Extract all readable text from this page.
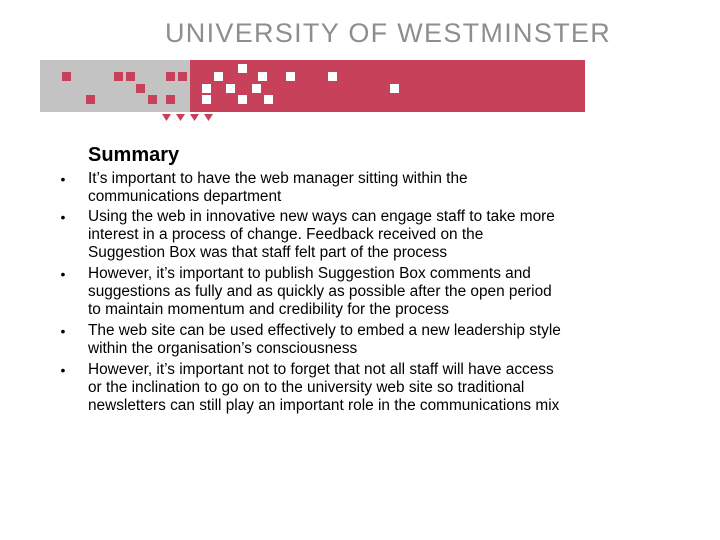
UNIVERSITY OF WESTMINSTER
Summary
• It’s important to have the web manager sitting within the communications department
• Using the web in innovative new ways can engage staff to take more interest in a process of change. Feedback received on the Suggestion Box was that staff felt part of the process
• However, it’s important to publish Suggestion Box comments and suggestions as fully and as quickly as possible after the open period to maintain momentum and credibility for the process
• The web site can be used effectively to embed a new leadership style within the organisation’s consciousness
• However, it’s important not to forget that not all staff will have access or the inclination to go on to the university web site so traditional newsletters can still play an important role in the communications mix
